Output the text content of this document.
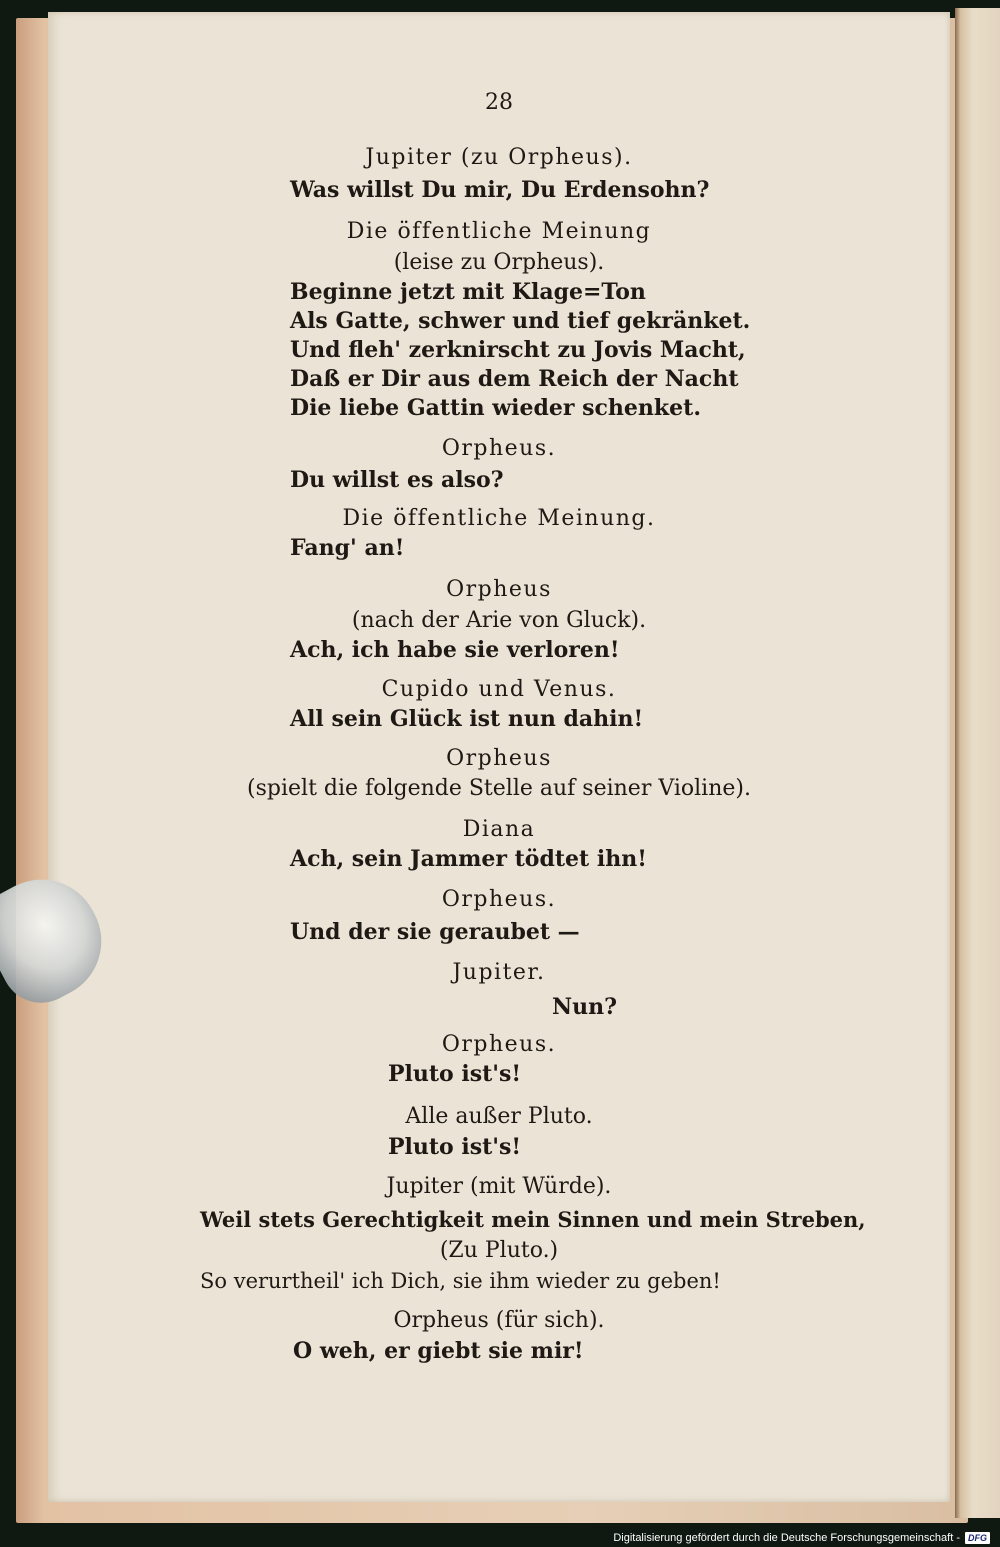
28
Jupiter (zu Orpheus).
Was willst Du mir, Du Erdensohn?
Die öffentliche Meinung
(leise zu Orpheus).
Beginne jetzt mit Klage=Ton
Als Gatte, schwer und tief gekränket.
Und fleh' zerknirscht zu Jovis Macht,
Daß er Dir aus dem Reich der Nacht
Die liebe Gattin wieder schenket.
Orpheus.
Du willst es also?
Die öffentliche Meinung.
Fang' an!
Orpheus
(nach der Arie von Gluck).
Ach, ich habe sie verloren!
Cupido und Venus.
All sein Glück ist nun dahin!
Orpheus
(spielt die folgende Stelle auf seiner Violine).
Diana
Ach, sein Jammer tödtet ihn!
Orpheus.
Und der sie geraubet —
Jupiter.
Nun?
Orpheus.
Pluto ist's!
Alle außer Pluto.
Pluto ist's!
Jupiter (mit Würde).
Weil stets Gerechtigkeit mein Sinnen und mein Streben,
(Zu Pluto.)
So verurtheil' ich Dich, sie ihm wieder zu geben!
Orpheus (für sich).
O weh, er giebt sie mir!
Digitalisierung gefördert durch die Deutsche Forschungsgemeinschaft - DFG
